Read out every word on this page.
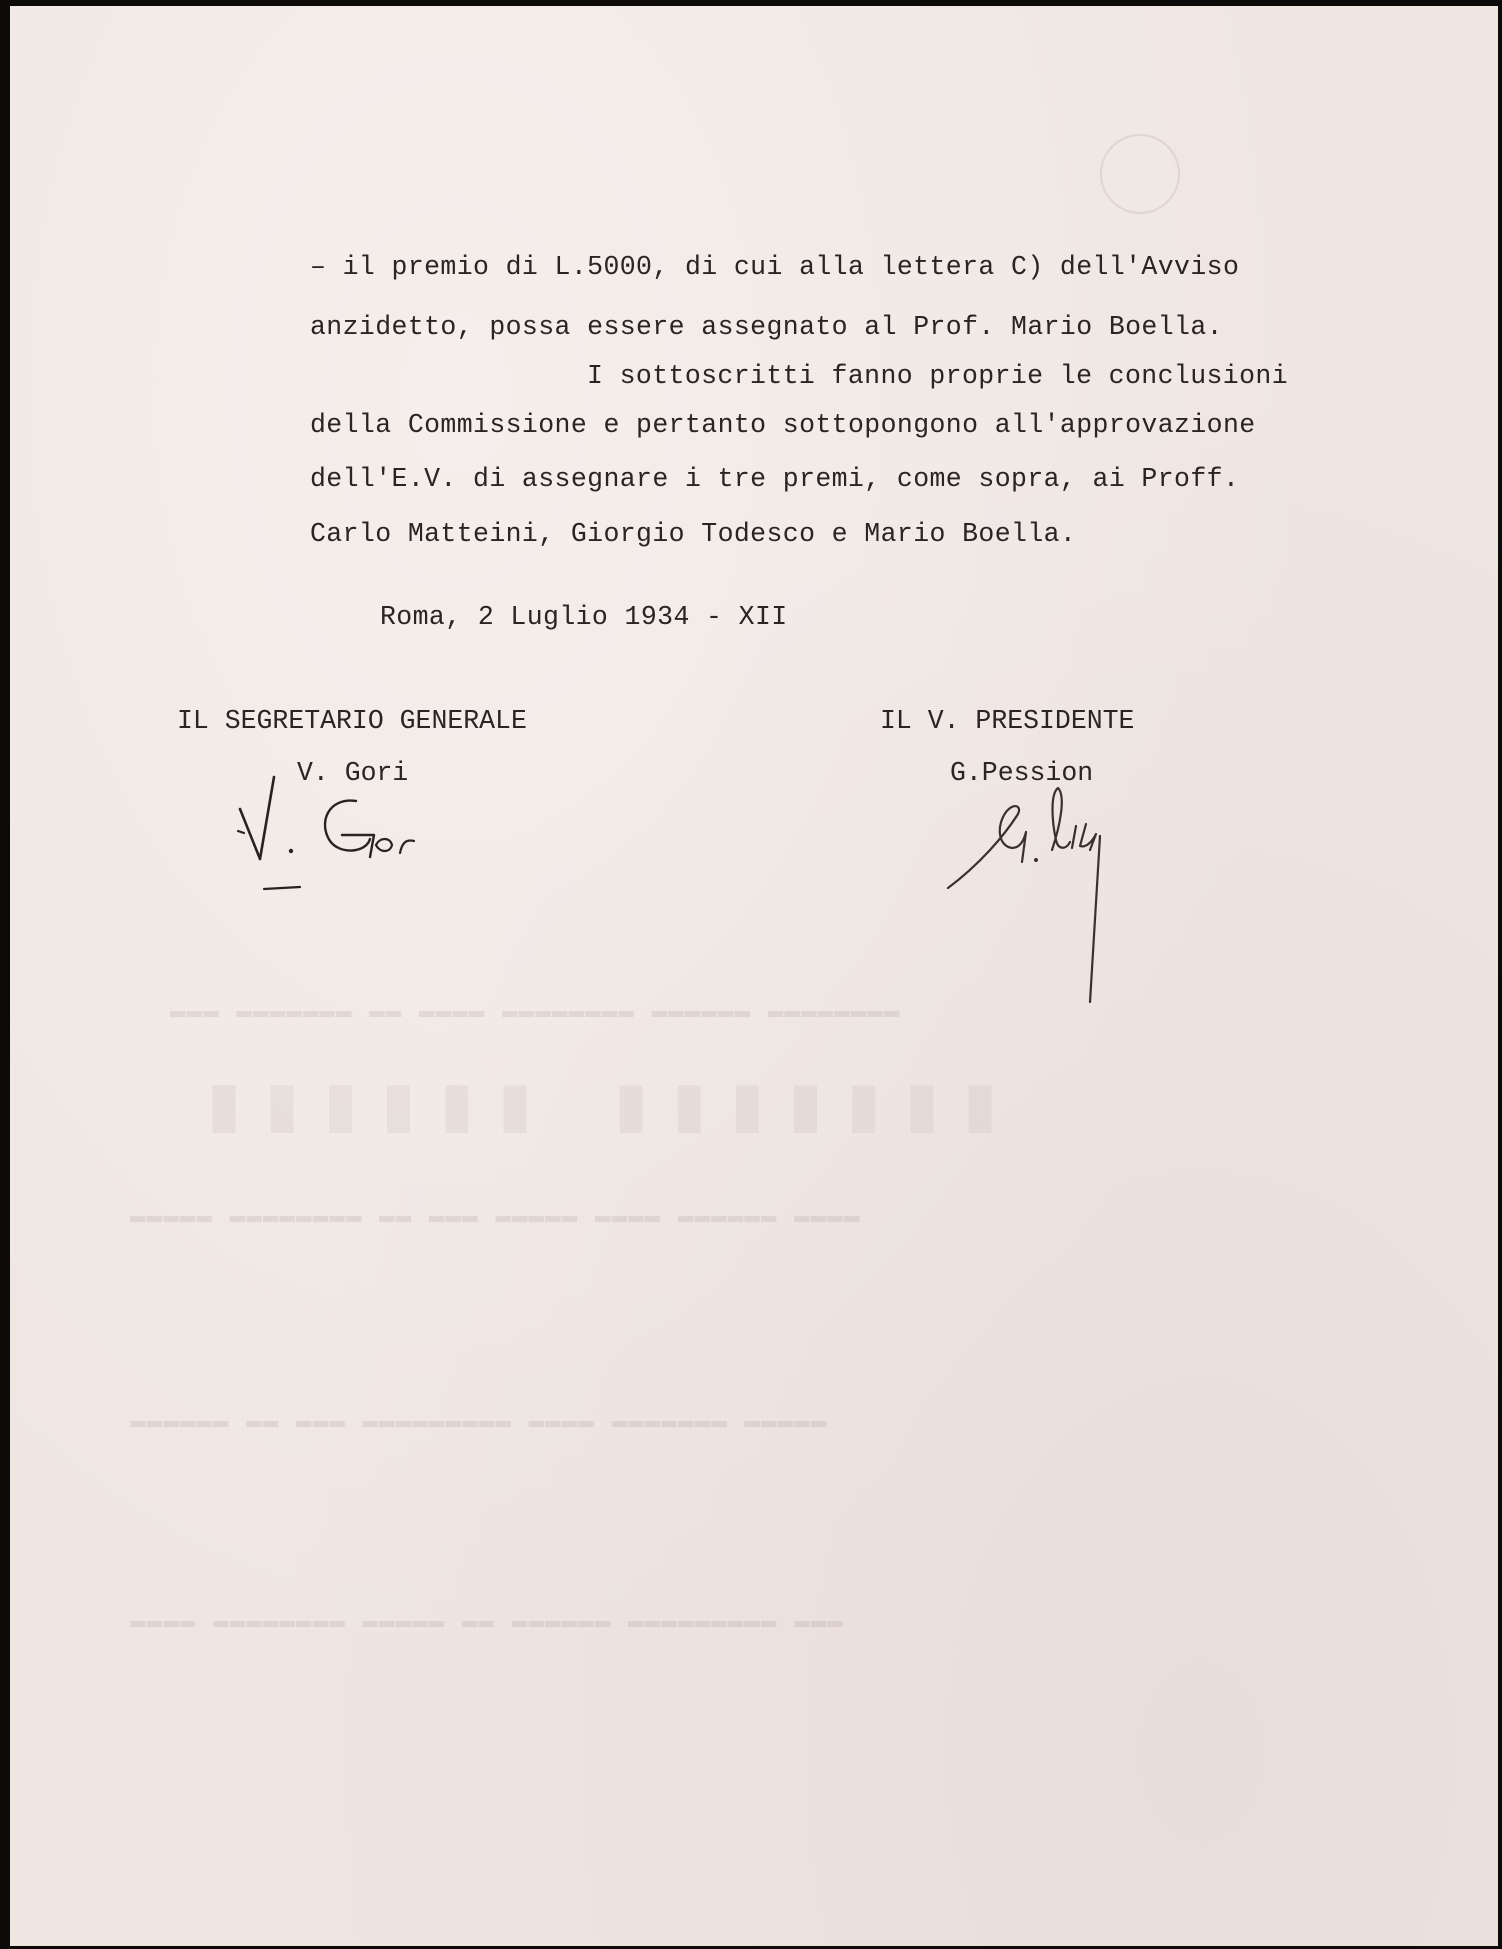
▮▮▮▮▮▮ ▮▮▮▮▮▮▮
▬▬▬ ▬▬▬▬▬▬▬ ▬▬ ▬▬▬▬ ▬▬▬▬▬▬▬▬ ▬▬▬▬▬▬ ▬▬▬▬▬▬▬▬
▬▬▬▬▬ ▬▬▬▬▬▬▬▬ ▬▬ ▬▬▬ ▬▬▬▬▬ ▬▬▬▬ ▬▬▬▬▬▬ ▬▬▬▬
▬▬▬▬▬▬ ▬▬ ▬▬▬ ▬▬▬▬▬▬▬▬▬ ▬▬▬▬ ▬▬▬▬▬▬▬ ▬▬▬▬▬
▬▬▬▬ ▬▬▬▬▬▬▬▬ ▬▬▬▬▬ ▬▬ ▬▬▬▬▬▬ ▬▬▬▬▬▬▬▬▬ ▬▬▬
– il premio di L.5000, di cui alla lettera C) dell'Avviso
anzidetto, possa essere assegnato al Prof. Mario Boella.
I sottoscritti fanno proprie le conclusioni
della Commissione e pertanto sottopongono all'approvazione
dell'E.V. di assegnare i tre premi, come sopra, ai Proff.
Carlo Matteini, Giorgio Todesco e Mario Boella.
Roma, 2 Luglio 1934 - XII
IL SEGRETARIO GENERALE
V. Gori
IL V. PRESIDENTE
G.Pession
